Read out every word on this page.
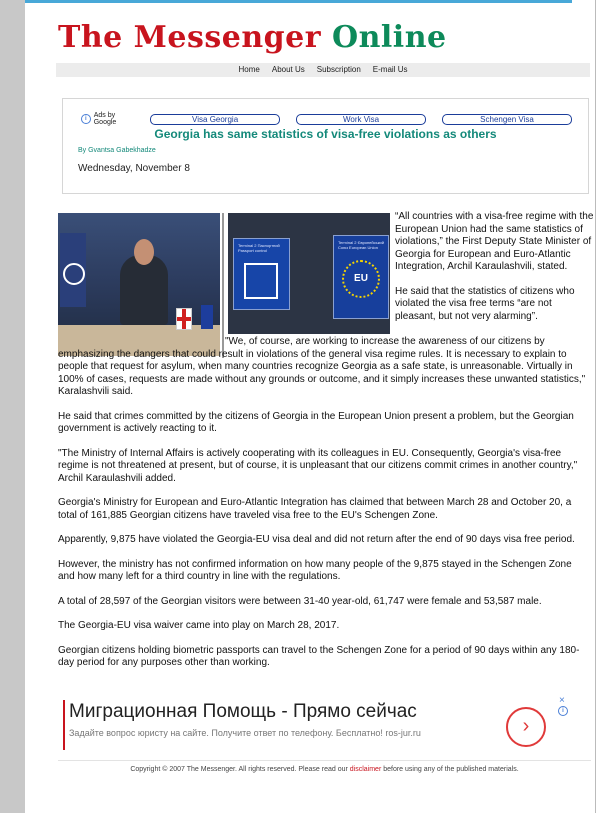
The Messenger Online
Home About Us Subscription E-mail Us
i	Ads by Google	Visa Georgia	Work Visa	Schengen Visa
Georgia has same statistics of visa-free violations as others
By Gvantsa Gabekhadze
Wednesday, November 8
Terminal 2 Паспортний Passport control
Terminal 2 Європейський Союз European Union
EU

“All countries with a visa-free regime with the European Union had the same statistics of violations,” the First Deputy State Minister of Georgia for European and Euro-Atlantic Integration, Archil Karaulashvili, stated.

He said that the statistics of citizens who violated the visa free terms “are not pleasant, but not very alarming”.

"We, of course, are working to increase the awareness of our citizens by emphasizing the dangers that could result in violations of the general visa regime rules. It is necessary to explain to people that request for asylum, when many countries recognize Georgia as a safe state, is unreasonable. Virtually in 100% of cases, requests are made without any grounds or outcome, and it simply increases these unwanted statistics," Karalashvili said.

He said that crimes committed by the citizens of Georgia in the European Union present a problem, but the Georgian government is actively reacting to it.

"The Ministry of Internal Affairs is actively cooperating with its colleagues in EU. Consequently, Georgia's visa-free regime is not threatened at present, but of course, it is unpleasant that our citizens commit crimes in another country," Archil Karaulashvili added.

Georgia's Ministry for European and Euro-Atlantic Integration has claimed that between March 28 and October 20, a total of 161,885 Georgian citizens have traveled visa free to the EU's Schengen Zone.

Apparently, 9,875 have violated the Georgia-EU visa deal and did not return after the end of 90 days visa free period.

However, the ministry has not confirmed information on how many people of the 9,875 stayed in the Schengen Zone and how many left for a third country in line with the regulations.

A total of 28,597 of the Georgian visitors were between 31-40 year-old, 61,747 were female and 53,587 male.

The Georgia-EU visa waiver came into play on March 28, 2017.

Georgian citizens holding biometric passports can travel to the Schengen Zone for a period of 90 days within any 180-day period for any purposes other than working.

Миграционная Помощь - Прямо сейчас
Задайте вопрос юристу на сайте. Получите ответ по телефону. Бесплатно! ros-jur.ru	›
×
i
Copyright © 2007 The Messenger. All rights reserved. Please read our disclaimer before using any of the published materials.
